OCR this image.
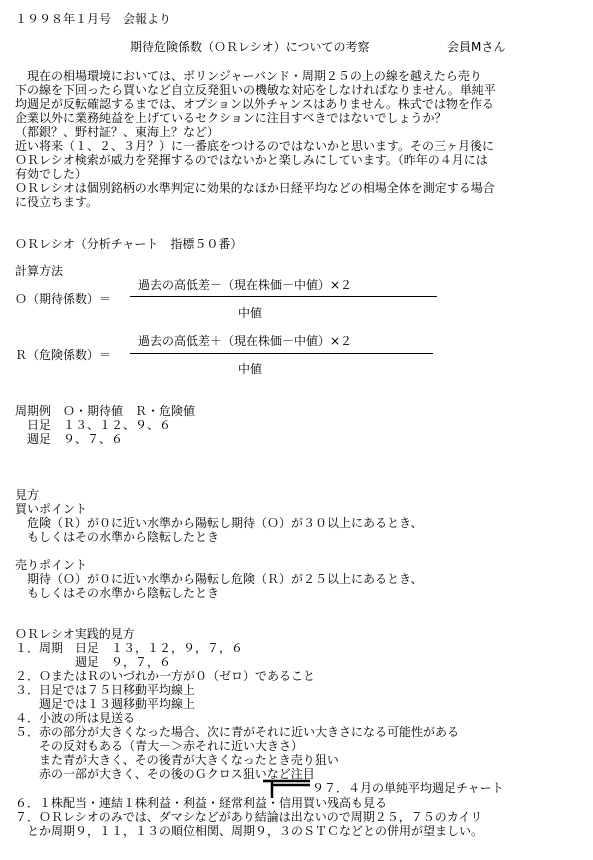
１９９８年１月号　会報より
期待危険係数（ＯＲレシオ）についての考察	会員Mさん
　現在の相場環境においては、ボリンジャーバンド・周期２５の上の線を越えたら売り
下の線を下回ったら買いなど自立反発狙いの機敏な対応をしなければなりません。単純平
均週足が反転確認するまでは、オプション以外チャンスはありません。株式では物を作る
企業以外に業務純益を上げているセクションに注目すべきではないでしょうか？
（都銀？、野村証？、東海上？など）
近い将来（１、２、３月？）に一番底をつけるのではないかと思います。その三ヶ月後に
ＯＲレシオ検索が威力を発揮するのではないかと楽しみにしています。（昨年の４月には
有効でした）
ＯＲレシオは個別銘柄の水準判定に効果的なほか日経平均などの相場全体を測定する場合
に役立ちます。
ＯＲレシオ（分析チャート　指標５０番）
計算方法
過去の高低差－（現在株価－中値）×２
Ｏ（期待係数）＝
中値
過去の高低差＋（現在株価－中値）×２
Ｒ（危険係数）＝
中値
周期例　Ｏ・期待値　Ｒ・危険値
　日足　１３、１２、９、６
　週足　９、７、６
見方
買いポイント
　危険（Ｒ）が０に近い水準から陽転し期待（Ｏ）が３０以上にあるとき、
　もしくはその水準から陰転したとき
売りポイント
　期待（Ｏ）が０に近い水準から陽転し危険（Ｒ）が２５以上にあるとき、
　もしくはその水準から陰転したとき
ＯＲレシオ実践的見方
１．周期　日足　１３，１２，９，７，６
　　　　　週足　９，７，６
２．ＯまたはＲのいづれか一方が０（ゼロ）であること
３．日足では７５日移動平均線上
　　週足では１３週移動平均線上
４．小波の所は見送る
５．赤の部分が大きくなった場合、次に青がそれに近い大きさになる可能性がある
　　その反対もある（青大－＞赤それに近い大きさ）
　　また青が大きく、その後青が大きくなったとき売り狙い
　　赤の一部が大きく、その後のＧクロス狙いなど注目
９７．４月の単純平均週足チャート
６．１株配当・連結１株利益・利益・経常利益・信用買い残高も見る
７．ＯＲレシオのみでは、ダマシなどがあり結論は出ないので周期２５，７５のカイリ
　とか周期９，１１，１３の順位相関、周期９，３のＳＴＣなどとの併用が望ましい。
